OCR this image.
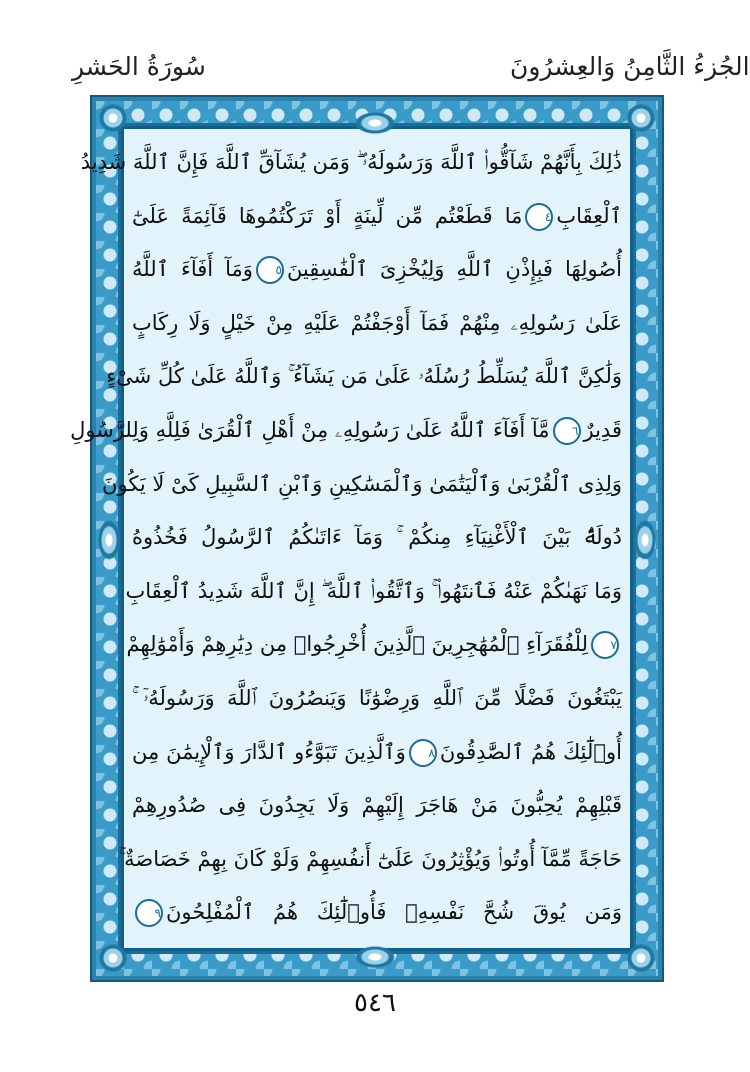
الجُزءُ الثَّامِنُ وَالعِشرُونَ
سُورَةُ الحَشرِ
ذَٰلِكَ بِأَنَّهُمْ شَآقُّوا۟ ٱللَّهَ وَرَسُولَهُۥ ۖ وَمَن يُشَآقِّ ٱللَّهَ فَإِنَّ ٱللَّهَ شَدِيدُ
ٱلْعِقَابِ٤مَا قَطَعْتُم مِّن لِّينَةٍ أَوْ تَرَكْتُمُوهَا قَآئِمَةً عَلَىٰٓ
أُصُولِهَا فَبِإِذْنِ ٱللَّهِ وَلِيُخْزِىَ ٱلْفَٰسِقِينَ٥وَمَآ أَفَآءَ ٱللَّهُ
عَلَىٰ رَسُولِهِۦ مِنْهُمْ فَمَآ أَوْجَفْتُمْ عَلَيْهِ مِنْ خَيْلٍ وَلَا رِكَابٍ
وَلَٰكِنَّ ٱللَّهَ يُسَلِّطُ رُسُلَهُۥ عَلَىٰ مَن يَشَآءُ ۚ وَٱللَّهُ عَلَىٰ كُلِّ شَىْءٍ
قَدِيرٌ٦مَّآ أَفَآءَ ٱللَّهُ عَلَىٰ رَسُولِهِۦ مِنْ أَهْلِ ٱلْقُرَىٰ فَلِلَّهِ وَلِلرَّسُولِ
وَلِذِى ٱلْقُرْبَىٰ وَٱلْيَتَٰمَىٰ وَٱلْمَسَٰكِينِ وَٱبْنِ ٱلسَّبِيلِ كَىْ لَا يَكُونَ
دُولَةًۢ بَيْنَ ٱلْأَغْنِيَآءِ مِنكُمْ ۚ وَمَآ ءَاتَىٰكُمُ ٱلرَّسُولُ فَخُذُوهُ
وَمَا نَهَىٰكُمْ عَنْهُ فَٱنتَهُوا۟ ۚ وَٱتَّقُوا۟ ٱللَّهَ ۖ إِنَّ ٱللَّهَ شَدِيدُ ٱلْعِقَابِ
٧لِلْفُقَرَآءِ ٱلْمُهَٰجِرِينَ ٱلَّذِينَ أُخْرِجُوا۟ مِن دِيَٰرِهِمْ وَأَمْوَٰلِهِمْ
يَبْتَغُونَ فَضْلًا مِّنَ ٱللَّهِ وَرِضْوَٰنًا وَيَنصُرُونَ ٱللَّهَ وَرَسُولَهُۥٓ ۚ
أُو۟لَٰٓئِكَ هُمُ ٱلصَّٰدِقُونَ٨وَٱلَّذِينَ تَبَوَّءُو ٱلدَّارَ وَٱلْإِيمَٰنَ مِن
قَبْلِهِمْ يُحِبُّونَ مَنْ هَاجَرَ إِلَيْهِمْ وَلَا يَجِدُونَ فِى صُدُورِهِمْ
حَاجَةً مِّمَّآ أُوتُوا۟ وَيُؤْثِرُونَ عَلَىٰٓ أَنفُسِهِمْ وَلَوْ كَانَ بِهِمْ خَصَاصَةٌ ۚ
وَمَن يُوقَ شُحَّ نَفْسِهِۦ فَأُو۟لَٰٓئِكَ هُمُ ٱلْمُفْلِحُونَ٩
٥٤٦
